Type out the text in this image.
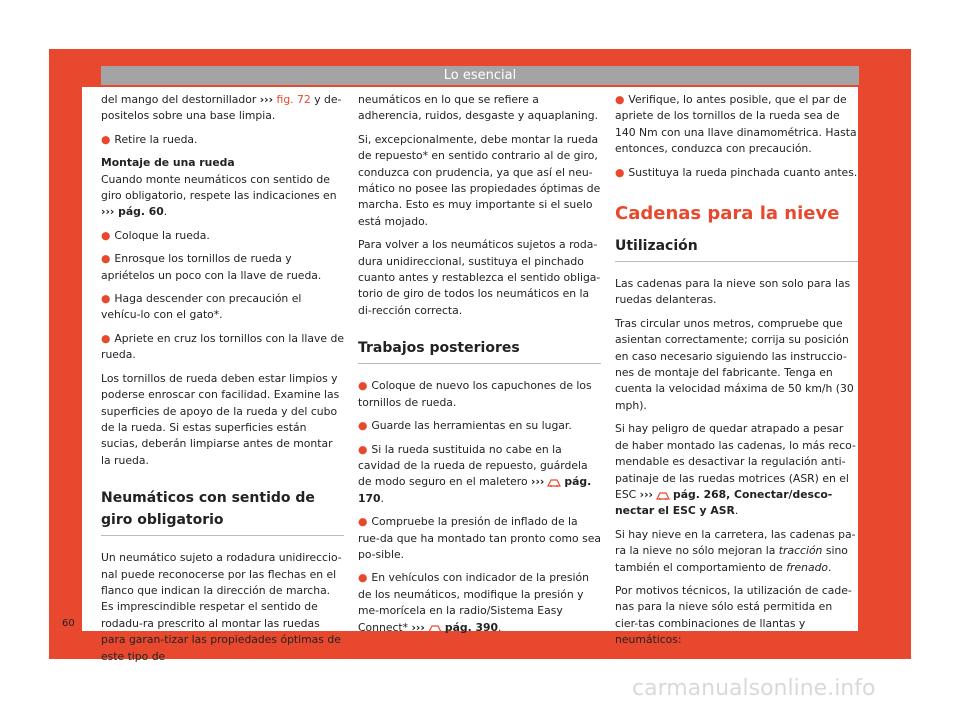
Lo esencial

del mango del destornillador ››› fig. 72 y de-positelos sobre una base limpia.

● Retire la rueda.

Montaje de una rueda

Cuando monte neumáticos con sentido de giro obligatorio, respete las indicaciones en ››› pág. 60.

● Coloque la rueda.

● Enrosque los tornillos de rueda y apriételos un poco con la llave de rueda.

● Haga descender con precaución el vehícu-lo con el gato*.

● Apriete en cruz los tornillos con la llave de rueda.

Los tornillos de rueda deben estar limpios y poderse enroscar con facilidad. Examine las superficies de apoyo de la rueda y del cubo de la rueda. Si estas superficies están sucias, deberán limpiarse antes de montar la rueda.

Neumáticos con sentido de giro obligatorio

Un neumático sujeto a rodadura unidireccio-nal puede reconocerse por las flechas en el flanco que indican la dirección de marcha. Es imprescindible respetar el sentido de rodadu-ra prescrito al montar las ruedas para garan-tizar las propiedades óptimas de este tipo de

neumáticos en lo que se refiere a adherencia, ruidos, desgaste y aquaplaning.

Si, excepcionalmente, debe montar la rueda de repuesto* en sentido contrario al de giro, conduzca con prudencia, ya que así el neu-mático no posee las propiedades óptimas de marcha. Esto es muy importante si el suelo está mojado.

Para volver a los neumáticos sujetos a roda-dura unidireccional, sustituya el pinchado cuanto antes y restablezca el sentido obliga-torio de giro de todos los neumáticos en la di-rección correcta.

Trabajos posteriores

● Coloque de nuevo los capuchones de los tornillos de rueda.

● Guarde las herramientas en su lugar.

● Si la rueda sustituida no cabe en la cavidad de la rueda de repuesto, guárdela de modo seguro en el maletero ››› pág. 170.

● Compruebe la presión de inflado de la rue-da que ha montado tan pronto como sea po-sible.

● En vehículos con indicador de la presión de los neumáticos, modifique la presión y me-morícela en la radio/Sistema Easy Connect* ››› pág. 390.

● Verifique, lo antes posible, que el par de apriete de los tornillos de la rueda sea de 140 Nm con una llave dinamométrica. Hasta entonces, conduzca con precaución.

● Sustituya la rueda pinchada cuanto antes.

Cadenas para la nieve
Utilización

Las cadenas para la nieve son solo para las ruedas delanteras.

Tras circular unos metros, compruebe que asientan correctamente; corrija su posición en caso necesario siguiendo las instruccio-nes de montaje del fabricante. Tenga en cuenta la velocidad máxima de 50 km/h (30 mph).

Si hay peligro de quedar atrapado a pesar de haber montado las cadenas, lo más reco-mendable es desactivar la regulación anti-patinaje de las ruedas motrices (ASR) en el ESC ››› pág. 268, Conectar/desco-nectar el ESC y ASR.

Si hay nieve en la carretera, las cadenas pa-ra la nieve no sólo mejoran la tracción sino también el comportamiento de frenado.

Por motivos técnicos, la utilización de cade-nas para la nieve sólo está permitida en cier-tas combinaciones de llantas y neumáticos:

60
carmanualsonline.info
